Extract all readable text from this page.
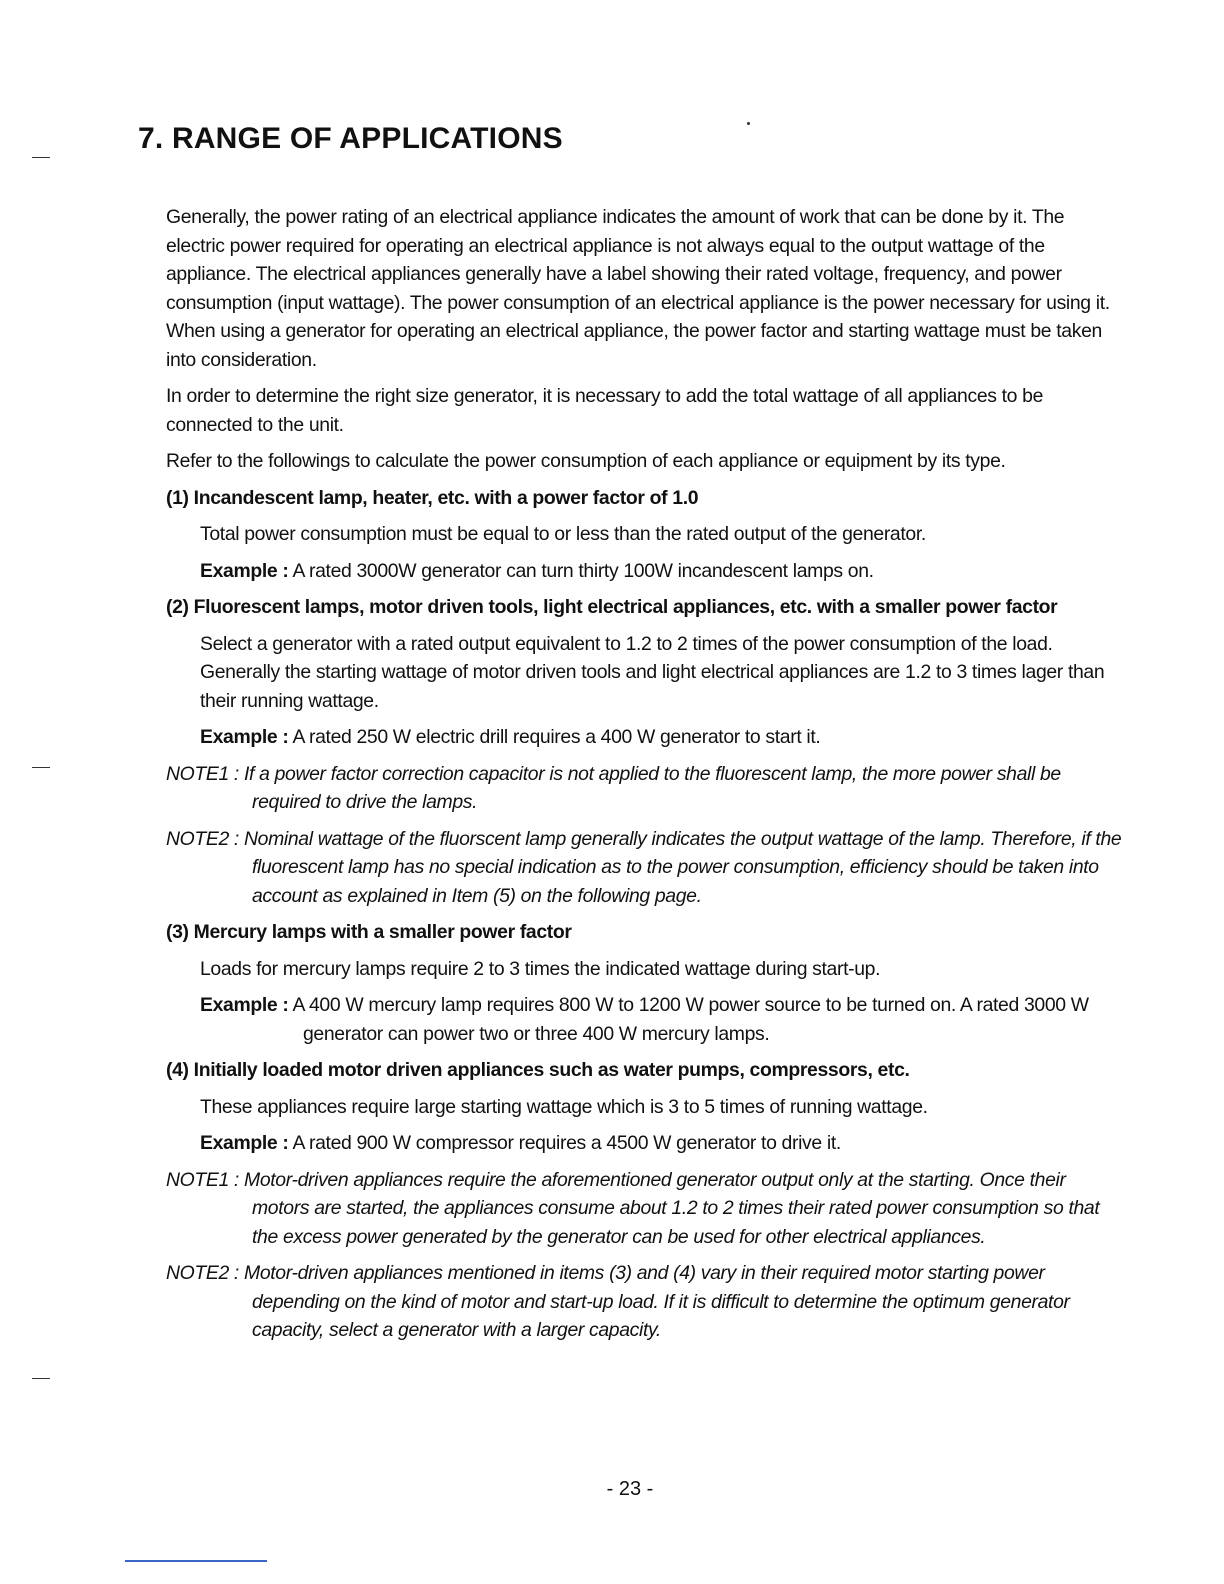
7. RANGE OF APPLICATIONS

Generally, the power rating of an electrical appliance indicates the amount of work that can be done by it. The electric power required for operating an electrical appliance is not always equal to the output wattage of the appliance. The electrical appliances generally have a label showing their rated voltage, frequency, and power consumption (input wattage). The power consumption of an electrical appliance is the power necessary for using it. When using a generator for operating an electrical appliance, the power factor and starting wattage must be taken into consideration.

In order to determine the right size generator, it is necessary to add the total wattage of all appliances to be connected to the unit.

Refer to the followings to calculate the power consumption of each appliance or equipment by its type.

(1) Incandescent lamp, heater, etc. with a power factor of 1.0

Total power consumption must be equal to or less than the rated output of the generator.

Example : A rated 3000W generator can turn thirty 100W incandescent lamps on.

(2) Fluorescent lamps, motor driven tools, light electrical appliances, etc. with a smaller power factor

Select a generator with a rated output equivalent to 1.2 to 2 times of the power consumption of the load. Generally the starting wattage of motor driven tools and light electrical appliances are 1.2 to 3 times lager than their running wattage.

Example : A rated 250 W electric drill requires a 400 W generator to start it.

NOTE1 : If a power factor correction capacitor is not applied to the fluorescent lamp, the more power shall be required to drive the lamps.

NOTE2 : Nominal wattage of the fluorscent lamp generally indicates the output wattage of the lamp. Therefore, if the fluorescent lamp has no special indication as to the power consumption, efficiency should be taken into account as explained in Item (5) on the following page.

(3) Mercury lamps with a smaller power factor

Loads for mercury lamps require 2 to 3 times the indicated wattage during start-up.

Example : A 400 W mercury lamp requires 800 W to 1200 W power source to be turned on. A rated 3000 W generator can power two or three 400 W mercury lamps.

(4) Initially loaded motor driven appliances such as water pumps, compressors, etc.

These appliances require large starting wattage which is 3 to 5 times of running wattage.

Example : A rated 900 W compressor requires a 4500 W generator to drive it.

NOTE1 : Motor-driven appliances require the aforementioned generator output only at the starting. Once their motors are started, the appliances consume about 1.2 to 2 times their rated power consumption so that the excess power generated by the generator can be used for other electrical appliances.

NOTE2 : Motor-driven appliances mentioned in items (3) and (4) vary in their required motor starting power depending on the kind of motor and start-up load. If it is difficult to determine the optimum generator capacity, select a generator with a larger capacity.

- 23 -
